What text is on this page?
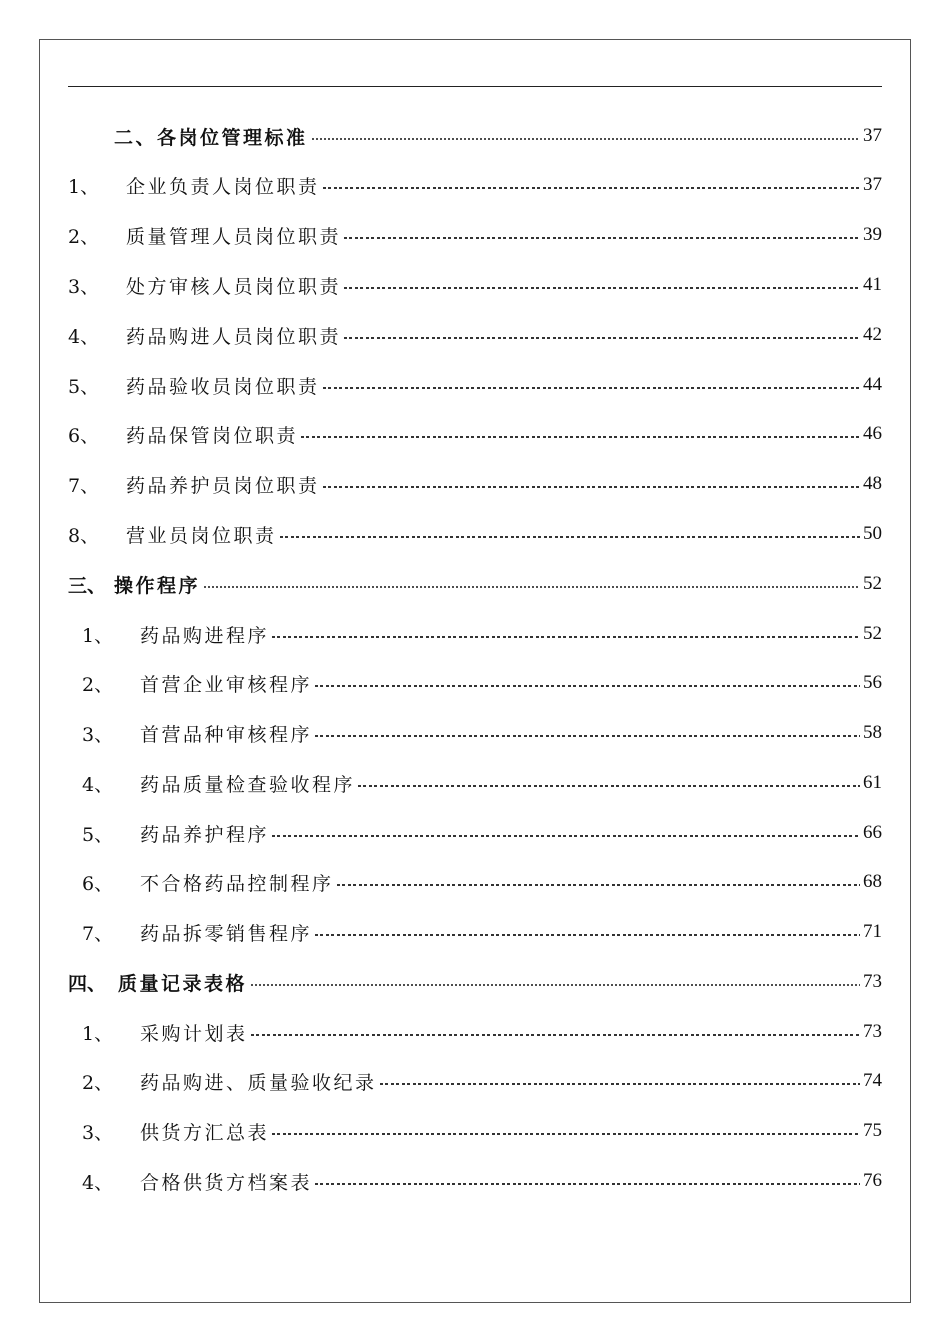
二、各岗位管理标准	37
1、	企业负责人岗位职责	37
2、	质量管理人员岗位职责	39
3、	处方审核人员岗位职责	41
4、	药品购进人员岗位职责	42
5、	药品验收员岗位职责	44
6、	药品保管岗位职责	46
7、	药品养护员岗位职责	48
8、	营业员岗位职责	50
三、 操作程序	52
1、	药品购进程序	52
2、	首营企业审核程序	56
3、	首营品种审核程序	58
4、	药品质量检查验收程序	61
5、	药品养护程序	66
6、	不合格药品控制程序	68
7、	药品拆零销售程序	71
四、 质量记录表格	73
1、	采购计划表	73
2、	药品购进、质量验收纪录	74
3、	供货方汇总表	75
4、	合格供货方档案表	76
